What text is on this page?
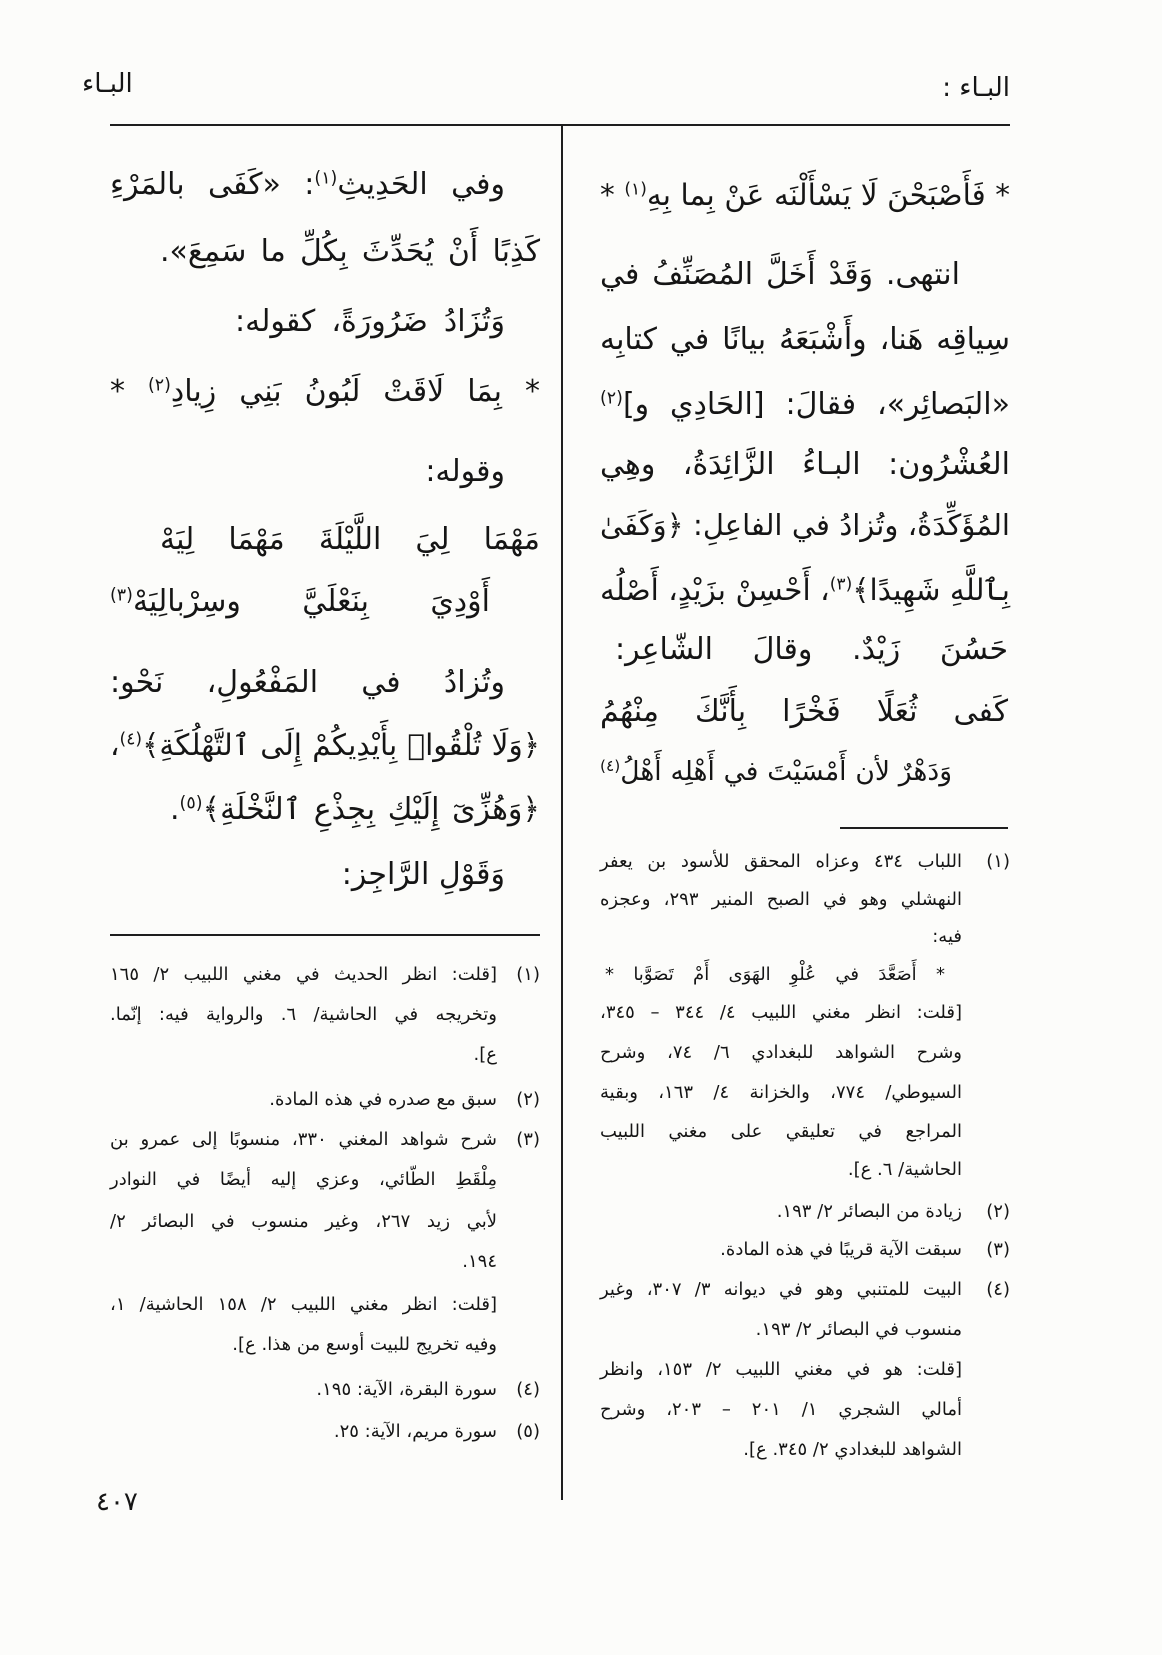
البـاء :
البـاء
* فَأَصْبَحْنَ لَا يَسْأَلْنَه عَنْ بِما بِهِ$^{(١)}$ *
انتهى. وَقَدْ أَخَلَّ المُصَنِّفُ في
سِياقِه هَنا، وأَشْبَعَهُ بيانًا في كتابِه
«البَصائِر»، فقالَ: [الحَادِي و]$^{(٢)}$
العُشْرُون: البـاءُ الزَّائِدَةُ، وهِي
المُؤَكِّدَةُ، وتُزادُ في الفاعِلِ: ﴿وَكَفَىٰ
بِٱللَّهِ شَهِيدًا﴾$^{(٣)}$، أَحْسِنْ بزَيْدٍ، أَصْلُه
حَسُنَ زَيْدٌ. وقالَ الشّاعِر:
كَفى ثُعَلًا فَخْرًا بِأَنَّكَ مِنْهُمُ
وَدَهْرٌ لأن أَمْسَيْتَ في أَهْلِه أَهْلُ$^{(٤)}$
(١)
اللباب ٤٣٤ وعزاه المحقق للأسود بن يعفر
النهشلي وهو في الصبح المنير ٢٩٣، وعجزه
فيه:
* أَصَعَّدَ في عُلْوِ الهَوَى أَمْ تَصَوَّبا *
[قلت: انظر مغني اللبيب ٤/ ٣٤٤ – ٣٤٥،
وشرح الشواهد للبغدادي ٦/ ٧٤، وشرح
السيوطي/ ٧٧٤، والخزانة ٤/ ١٦٣، وبقية
المراجع في تعليقي على مغني اللبيب
الحاشية/ ٦. ع].
(٢)
زيادة من البصائر ٢/ ١٩٣.
(٣)
سبقت الآية قريبًا في هذه المادة.
(٤)
البيت للمتنبي وهو في ديوانه ٣/ ٣٠٧، وغير
منسوب في البصائر ٢/ ١٩٣.
[قلت: هو في مغني اللبيب ٢/ ١٥٣، وانظر
أمالي الشجري ١/ ٢٠١ – ٢٠٣، وشرح
الشواهد للبغدادي ٢/ ٣٤٥. ع].
وفي الحَدِيثِ$^{(١)}$: «كَفَى بالمَرْءِ
كَذِبًا أَنْ يُحَدِّثَ بِكُلِّ ما سَمِعَ».
وَتُزَادُ ضَرُورَةً، كقوله:
* بِمَا لَاقَتْ لَبُونُ بَنِي زِيادِ$^{(٢)}$ *
وقوله:
مَهْمَا لِيَ اللَّيْلَةَ مَهْمَا لِيَهْ
أَوْدِيَ بِنَعْلَيَّ وسِرْبالِيَهْ$^{(٣)}$
وتُزادُ في المَفْعُولِ، نَحْو:
﴿وَلَا تُلْقُوا۟ بِأَيْدِيكُمْ إِلَى ٱلتَّهْلُكَةِ﴾$^{(٤)}$،
﴿وَهُزِّىٓ إِلَيْكِ بِجِذْعِ ٱلنَّخْلَةِ﴾$^{(٥)}$.
وَقَوْلِ الرَّاجِز:
(١)
[قلت: انظر الحديث في مغني اللبيب ٢/ ١٦٥
وتخريجه في الحاشية/ ٦. والرواية فيه: إنّما.
ع].
(٢)
سبق مع صدره في هذه المادة.
(٣)
شرح شواهد المغني ٣٣٠، منسوبًا إلى عمرو بن
مِلْقَطِ الطّائي، وعزي إليه أيضًا في النوادر
لأبي زيد ٢٦٧، وغير منسوب في البصائر ٢/
١٩٤.
[قلت: انظر مغني اللبيب ٢/ ١٥٨ الحاشية/ ١،
وفيه تخريج للبيت أوسع من هذا. ع].
(٤)
سورة البقرة، الآية: ١٩٥.
(٥)
سورة مريم، الآية: ٢٥.
٤٠٧
